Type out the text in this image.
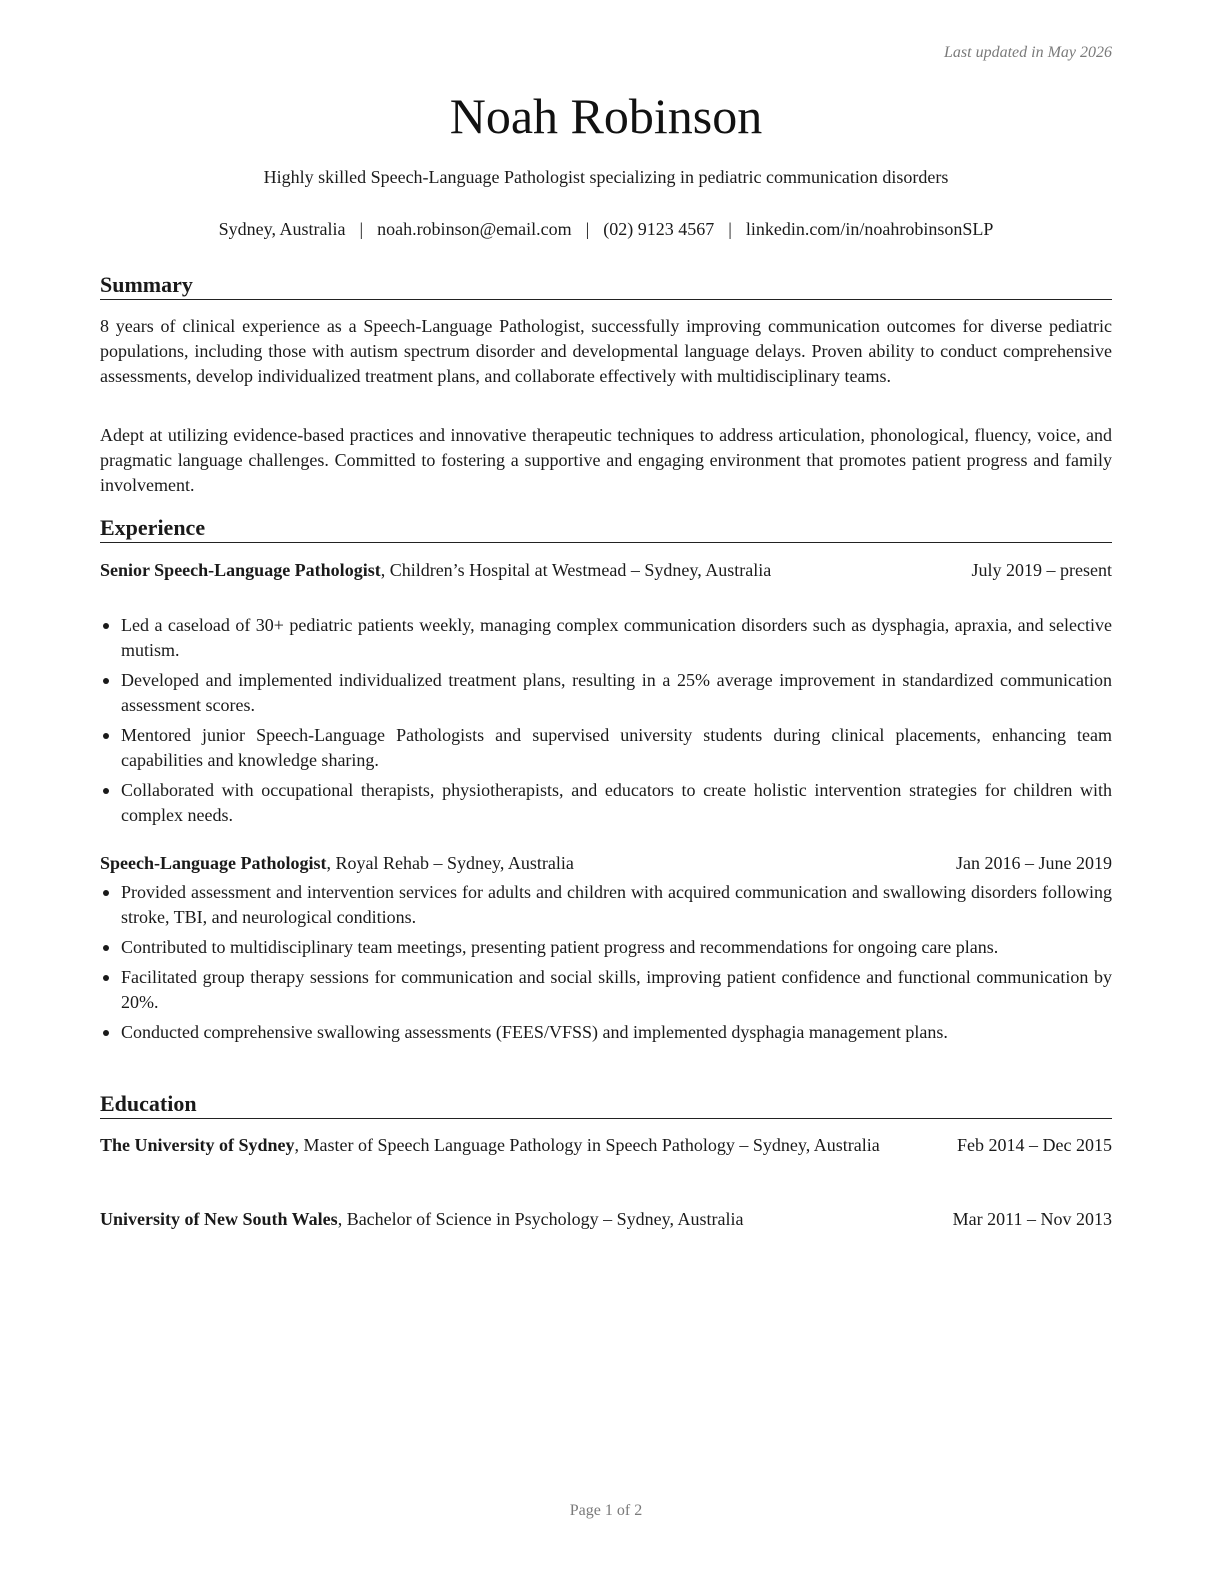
Last updated in May 2026
Noah Robinson
Highly skilled Speech-Language Pathologist specializing in pediatric communication disorders
Sydney, Australia | noah.robinson@email.com | (02) 9123 4567 | linkedin.com/in/noahrobinsonSLP
Summary
8 years of clinical experience as a Speech-Language Pathologist, successfully improving communication outcomes for diverse pediatric populations, including those with autism spectrum disorder and developmental language delays. Proven ability to conduct comprehensive assessments, develop individualized treatment plans, and collaborate effectively with multidisciplinary teams.
Adept at utilizing evidence-based practices and innovative therapeutic techniques to address articulation, phonological, fluency, voice, and pragmatic language challenges. Committed to fostering a supportive and engaging environment that promotes patient progress and family involvement.
Experience
Senior Speech-Language Pathologist, Children’s Hospital at Westmead – Sydney, Australia	July 2019 – present
Led a caseload of 30+ pediatric patients weekly, managing complex communication disorders such as dysphagia, apraxia, and selective mutism.
Developed and implemented individualized treatment plans, resulting in a 25% average improvement in standardized communication assessment scores.
Mentored junior Speech-Language Pathologists and supervised university students during clinical placements, enhancing team capabilities and knowledge sharing.
Collaborated with occupational therapists, physiotherapists, and educators to create holistic intervention strategies for children with complex needs.
Speech-Language Pathologist, Royal Rehab – Sydney, Australia	Jan 2016 – June 2019
Provided assessment and intervention services for adults and children with acquired communication and swallowing disorders following stroke, TBI, and neurological conditions.
Contributed to multidisciplinary team meetings, presenting patient progress and recommendations for ongoing care plans.
Facilitated group therapy sessions for communication and social skills, improving patient confidence and functional communication by 20%.
Conducted comprehensive swallowing assessments (FEES/VFSS) and implemented dysphagia management plans.
Education
The University of Sydney, Master of Speech Language Pathology in Speech Pathology – Sydney, Australia	Feb 2014 – Dec 2015
University of New South Wales, Bachelor of Science in Psychology – Sydney, Australia	Mar 2011 – Nov 2013
Page 1 of 2
